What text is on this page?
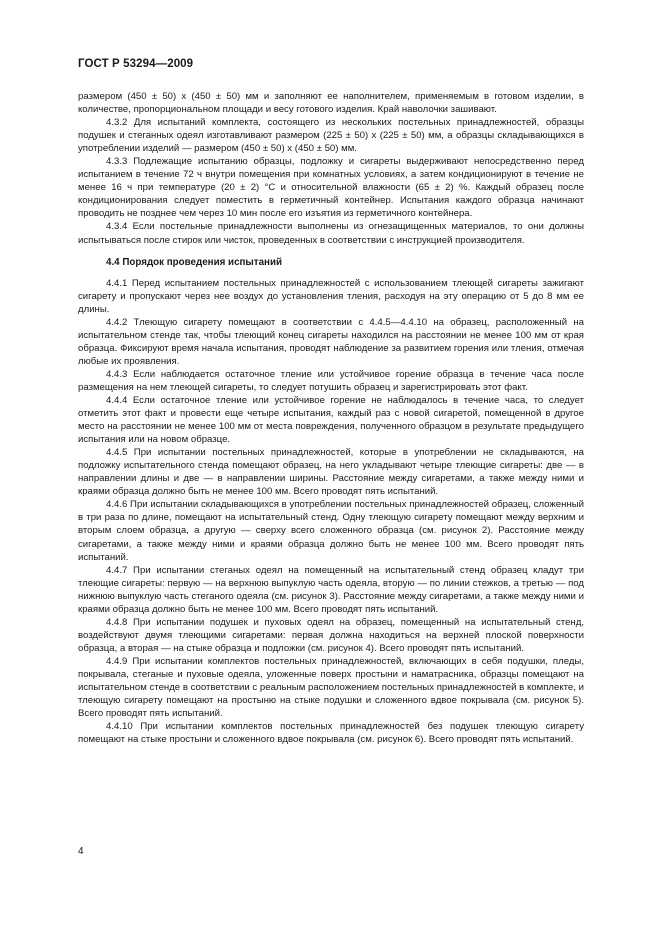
ГОСТ Р 53294—2009

размером (450 ± 50) х (450 ± 50) мм и заполняют ее наполнителем, применяемым в готовом изделии, в количестве, пропорциональном площади и весу готового изделия. Край наволочки зашивают.

4.3.2 Для испытаний комплекта, состоящего из нескольких постельных принадлежностей, образцы подушек и стеганных одеял изготавливают размером (225 ± 50) х (225 ± 50) мм, а образцы складывающихся в употреблении изделий — размером (450 ± 50) х (450 ± 50) мм.

4.3.3 Подлежащие испытанию образцы, подложку и сигареты выдерживают непосредственно перед испытанием в течение 72 ч внутри помещения при комнатных условиях, а затем кондиционируют в течение не менее 16 ч при температуре (20 ± 2) °С и относительной влажности (65 ± 2) %. Каждый образец после кондиционирования следует поместить в герметичный контейнер. Испытания каждого образца начинают проводить не позднее чем через 10 мин после его изъятия из герметичного контейнера.

4.3.4 Если постельные принадлежности выполнены из огнезащищенных материалов, то они должны испытываться после стирок или чисток, проведенных в соответствии с инструкцией производителя.

4.4 Порядок проведения испытаний

4.4.1 Перед испытанием постельных принадлежностей с использованием тлеющей сигареты зажигают сигарету и пропускают через нее воздух до установления тления, расходуя на эту операцию от 5 до 8 мм ее длины.

4.4.2 Тлеющую сигарету помещают в соответствии с 4.4.5—4.4.10 на образец, расположенный на испытательном стенде так, чтобы тлеющий конец сигареты находился на расстоянии не менее 100 мм от края образца. Фиксируют время начала испытания, проводят наблюдение за развитием горения или тления, отмечая любые их проявления.

4.4.3 Если наблюдается остаточное тление или устойчивое горение образца в течение часа после размещения на нем тлеющей сигареты, то следует потушить образец и зарегистрировать этот факт.

4.4.4 Если остаточное тление или устойчивое горение не наблюдалось в течение часа, то следует отметить этот факт и провести еще четыре испытания, каждый раз с новой сигаретой, помещенной в другое место на расстоянии не менее 100 мм от места повреждения, полученного образцом в результате предыдущего испытания или на новом образце.

4.4.5 При испытании постельных принадлежностей, которые в употреблении не складываются, на подложку испытательного стенда помещают образец, на него укладывают четыре тлеющие сигареты: две — в направлении длины и две — в направлении ширины. Расстояние между сигаретами, а также между ними и краями образца должно быть не менее 100 мм. Всего проводят пять испытаний.

4.4.6 При испытании складывающихся в употреблении постельных принадлежностей образец, сложенный в три раза по длине, помещают на испытательный стенд. Одну тлеющую сигарету помещают между верхним и вторым слоем образца, а другую — сверху всего сложенного образца (см. рисунок 2). Расстояние между сигаретами, а также между ними и краями образца должно быть не менее 100 мм. Всего проводят пять испытаний.

4.4.7 При испытании стеганых одеял на помещенный на испытательный стенд образец кладут три тлеющие сигареты: первую — на верхнюю выпуклую часть одеяла, вторую — по линии стежков, а третью — под нижнюю выпуклую часть стеганого одеяла (см. рисунок 3). Расстояние между сигаретами, а также между ними и краями образца должно быть не менее 100 мм. Всего проводят пять испытаний.

4.4.8 При испытании подушек и пуховых одеял на образец, помещенный на испытательный стенд, воздействуют двумя тлеющими сигаретами: первая должна находиться на верхней плоской поверхности образца, а вторая — на стыке образца и подложки (см. рисунок 4). Всего проводят пять испытаний.

4.4.9 При испытании комплектов постельных принадлежностей, включающих в себя подушки, пледы, покрывала, стеганые и пуховые одеяла, уложенные поверх простыни и наматрасника, образцы помещают на испытательном стенде в соответствии с реальным расположением постельных принадлежностей в комплекте, и тлеющую сигарету помещают на простыню на стыке подушки и сложенного вдвое покрывала (см. рисунок 5). Всего проводят пять испытаний.

4.4.10 При испытании комплектов постельных принадлежностей без подушек тлеющую сигарету помещают на стыке простыни и сложенного вдвое покрывала (см. рисунок 6). Всего проводят пять испытаний.

4
